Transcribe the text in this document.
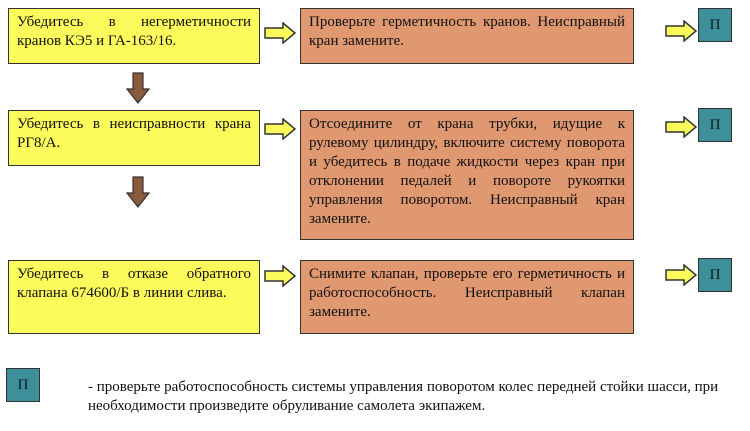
Убедитесь в негерметичности кранов КЭ5 и ГА-163/16.
Проверьте герметичность кранов. Неисправный кран замените.
П
Убедитесь в неисправности крана РГ8/А.
Отсоедините от крана трубки, идущие к рулевому цилиндру, включите систему поворота и убедитесь в подаче жидкости через кран при отклонении педалей и повороте рукоятки управления поворотом. Неисправный кран замените.
П
Убедитесь в отказе обратного клапана 674600/Б в линии слива.
Снимите клапан, проверьте его герметичность и работоспособность. Неисправный клапан замените.
П
П	- проверьте работоспособность системы управления поворотом колес передней стойки шасси, при необходимости произведите обруливание самолета экипажем.
